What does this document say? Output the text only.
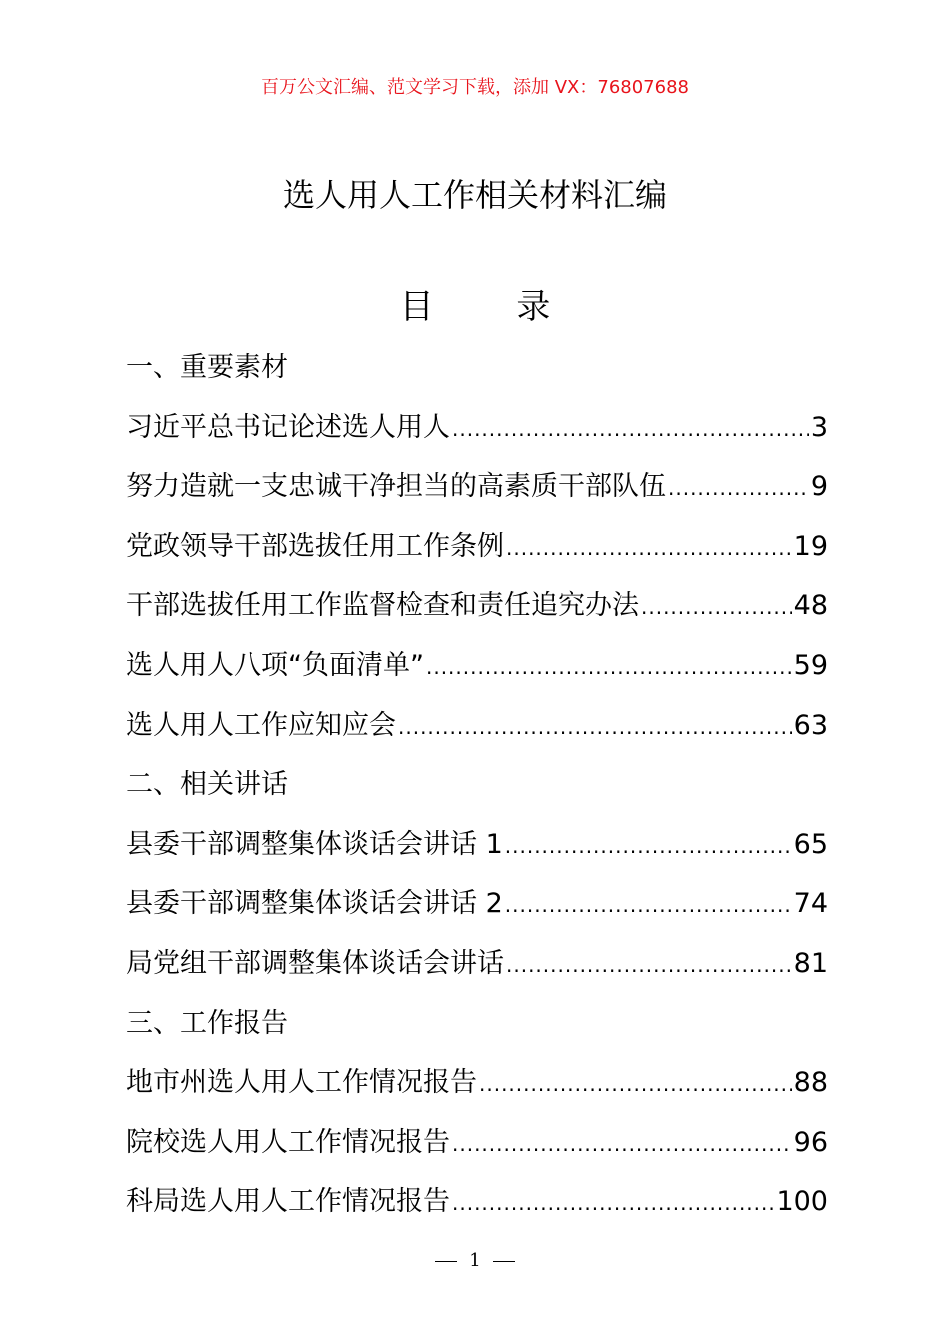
百万公文汇编、范文学习下载，添加 VX：76807688
选人用人工作相关材料汇编
目 录
一、重要素材
习近平总书记论述选人用人 .....	3
努力造就一支忠诚干净担当的高素质干部队伍 .....	9
党政领导干部选拔任用工作条例 .....	19
干部选拔任用工作监督检查和责任追究办法 .....	48
选人用人八项“负面清单” .....	59
选人用人工作应知应会 .....	63
二、相关讲话
县委干部调整集体谈话会讲话 1 .....	65
县委干部调整集体谈话会讲话 2 .....	74
局党组干部调整集体谈话会讲话 .....	81
三、工作报告
地市州选人用人工作情况报告 .....	88
院校选人用人工作情况报告 .....	96
科局选人用人工作情况报告 .....	100
1
